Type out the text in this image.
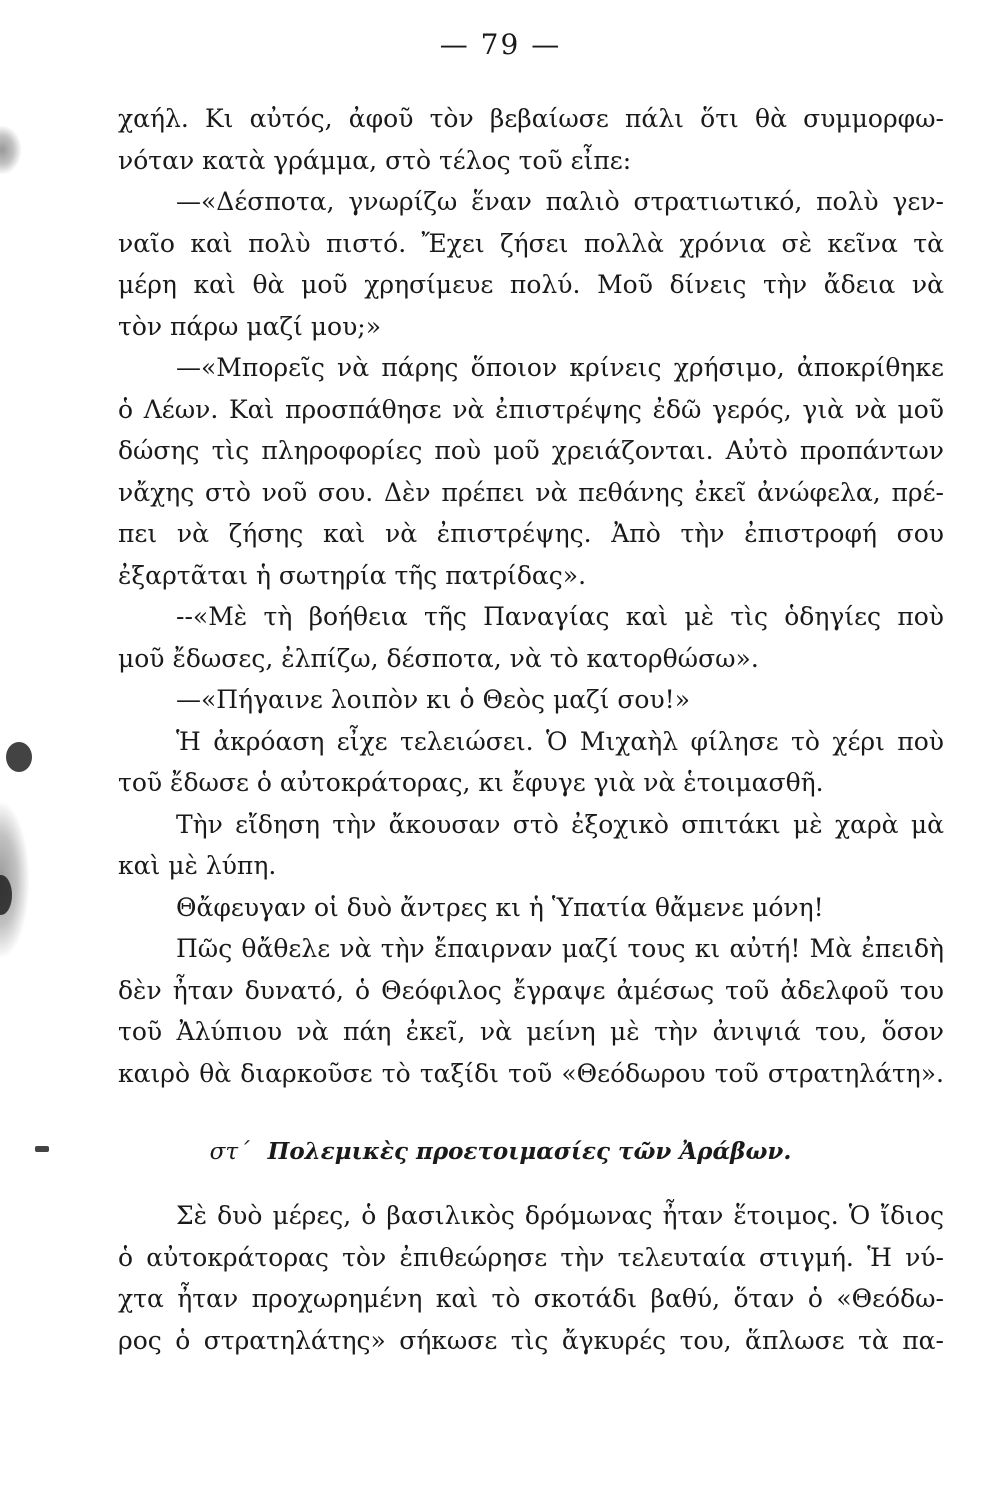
— 79 —
χαήλ. Κι αὐτός, ἀφοῦ τὸν βεβαίωσε πάλι ὅτι θὰ συμμορφω-
νόταν κατὰ γράμμα, στὸ τέλος τοῦ εἶπε:
—«Δέσποτα, γνωρίζω ἕναν παλιὸ στρατιωτικό, πολὺ γεν-
ναῖο καὶ πολὺ πιστό. Ἔχει ζήσει πολλὰ χρόνια σὲ κεῖνα τὰ
μέρη καὶ θὰ μοῦ χρησίμευε πολύ. Μοῦ δίνεις τὴν ἄδεια νὰ
τὸν πάρω μαζί μου;»
—«Μπορεῖς νὰ πάρης ὅποιον κρίνεις χρήσιμο, ἀποκρίθηκε
ὁ Λέων. Καὶ προσπάθησε νὰ ἐπιστρέψης ἐδῶ γερός, γιὰ νὰ μοῦ
δώσης τὶς πληροφορίες ποὺ μοῦ χρειάζονται. Αὐτὸ προπάντων
νἄχης στὸ νοῦ σου. Δὲν πρέπει νὰ πεθάνης ἐκεῖ ἀνώφελα, πρέ-
πει νὰ ζήσης καὶ νὰ ἐπιστρέψης. Ἀπὸ τὴν ἐπιστροφή σου
ἐξαρτᾶται ἡ σωτηρία τῆς πατρίδας».
--«Μὲ τὴ βοήθεια τῆς Παναγίας καὶ μὲ τὶς ὁδηγίες ποὺ
μοῦ ἔδωσες, ἐλπίζω, δέσποτα, νὰ τὸ κατορθώσω».
—«Πήγαινε λοιπὸν κι ὁ Θεὸς μαζί σου!»
Ἡ ἀκρόαση εἶχε τελειώσει. Ὁ Μιχαὴλ φίλησε τὸ χέρι ποὺ
τοῦ ἔδωσε ὁ αὐτοκράτορας, κι ἔφυγε γιὰ νὰ ἑτοιμασθῆ.
Τὴν εἴδηση τὴν ἄκουσαν στὸ ἐξοχικὸ σπιτάκι μὲ χαρὰ μὰ
καὶ μὲ λύπη.
Θἄφευγαν οἱ δυὸ ἄντρες κι ἡ Ὑπατία θἄμενε μόνη!
Πῶς θἄθελε νὰ τὴν ἔπαιρναν μαζί τους κι αὐτή! Μὰ ἐπειδὴ
δὲν ἦταν δυνατό, ὁ Θεόφιλος ἔγραψε ἀμέσως τοῦ ἀδελφοῦ του
τοῦ Ἀλύπιου νὰ πάη ἐκεῖ, νὰ μείνη μὲ τὴν ἀνιψιά του, ὅσον
καιρὸ θὰ διαρκοῦσε τὸ ταξίδι τοῦ «Θεόδωρου τοῦ στρατηλάτη».
στ΄ Πολεμικὲς προετοιμασίες τῶν Ἀράβων.
Σὲ δυὸ μέρες, ὁ βασιλικὸς δρόμωνας ἦταν ἕτοιμος. Ὁ ἴδιος
ὁ αὐτοκράτορας τὸν ἐπιθεώρησε τὴν τελευταία στιγμή. Ἡ νύ-
χτα ἦταν προχωρημένη καὶ τὸ σκοτάδι βαθύ, ὅταν ὁ «Θεόδω-
ρος ὁ στρατηλάτης» σήκωσε τὶς ἄγκυρές του, ἅπλωσε τὰ πα-
